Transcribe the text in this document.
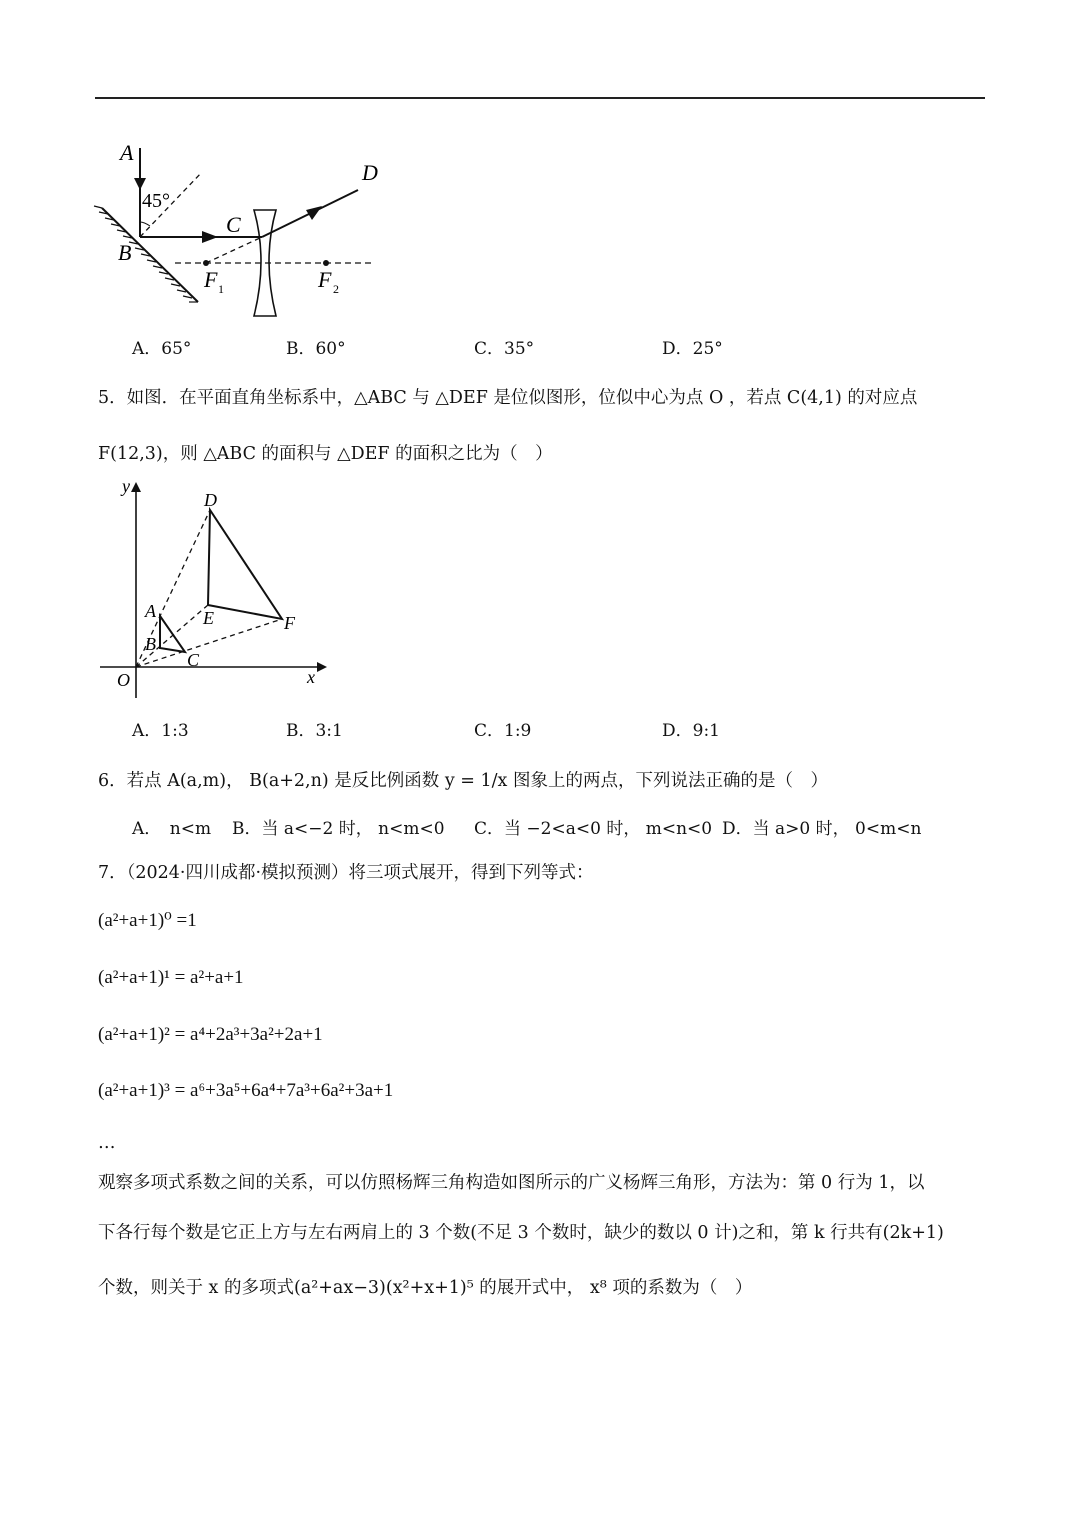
A
45°
B
C
D
F 1	F 2
A．65°	B．60°	C．35°	D．25°
5．如图．在平面直角坐标系中，△ABC 与 △DEF 是位似图形，位似中心为点 O ，若点 C(4,1) 的对应点
F(12,3)，则 △ABC 的面积与 △DEF 的面积之比为（　）
y
x
O
D
E	F
A
B
C
A．1:3	B．3:1	C．1:9	D．9:1
6．若点 A(a,m)， B(a+2,n) 是反比例函数 y = 1/x 图象上的两点，下列说法正确的是（　）
A．　n<m B．当 a<−2 时， n<m<0 C．当 −2<a<0 时， m<n<0 D．当 a>0 时， 0<m<n
7．（2024·四川成都·模拟预测）将三项式展开，得到下列等式：
(a²+a+1)⁰ =1
(a²+a+1)¹ = a²+a+1
(a²+a+1)² = a⁴+2a³+3a²+2a+1
(a²+a+1)³ = a⁶+3a⁵+6a⁴+7a³+6a²+3a+1
…
观察多项式系数之间的关系，可以仿照杨辉三角构造如图所示的广义杨辉三角形，方法为：第 0 行为 1，以
下各行每个数是它正上方与左右两肩上的 3 个数(不足 3 个数时，缺少的数以 0 计)之和，第 k 行共有(2k+1)
个数，则关于 x 的多项式(a²+ax−3)(x²+x+1)⁵ 的展开式中， x⁸ 项的系数为（　）
